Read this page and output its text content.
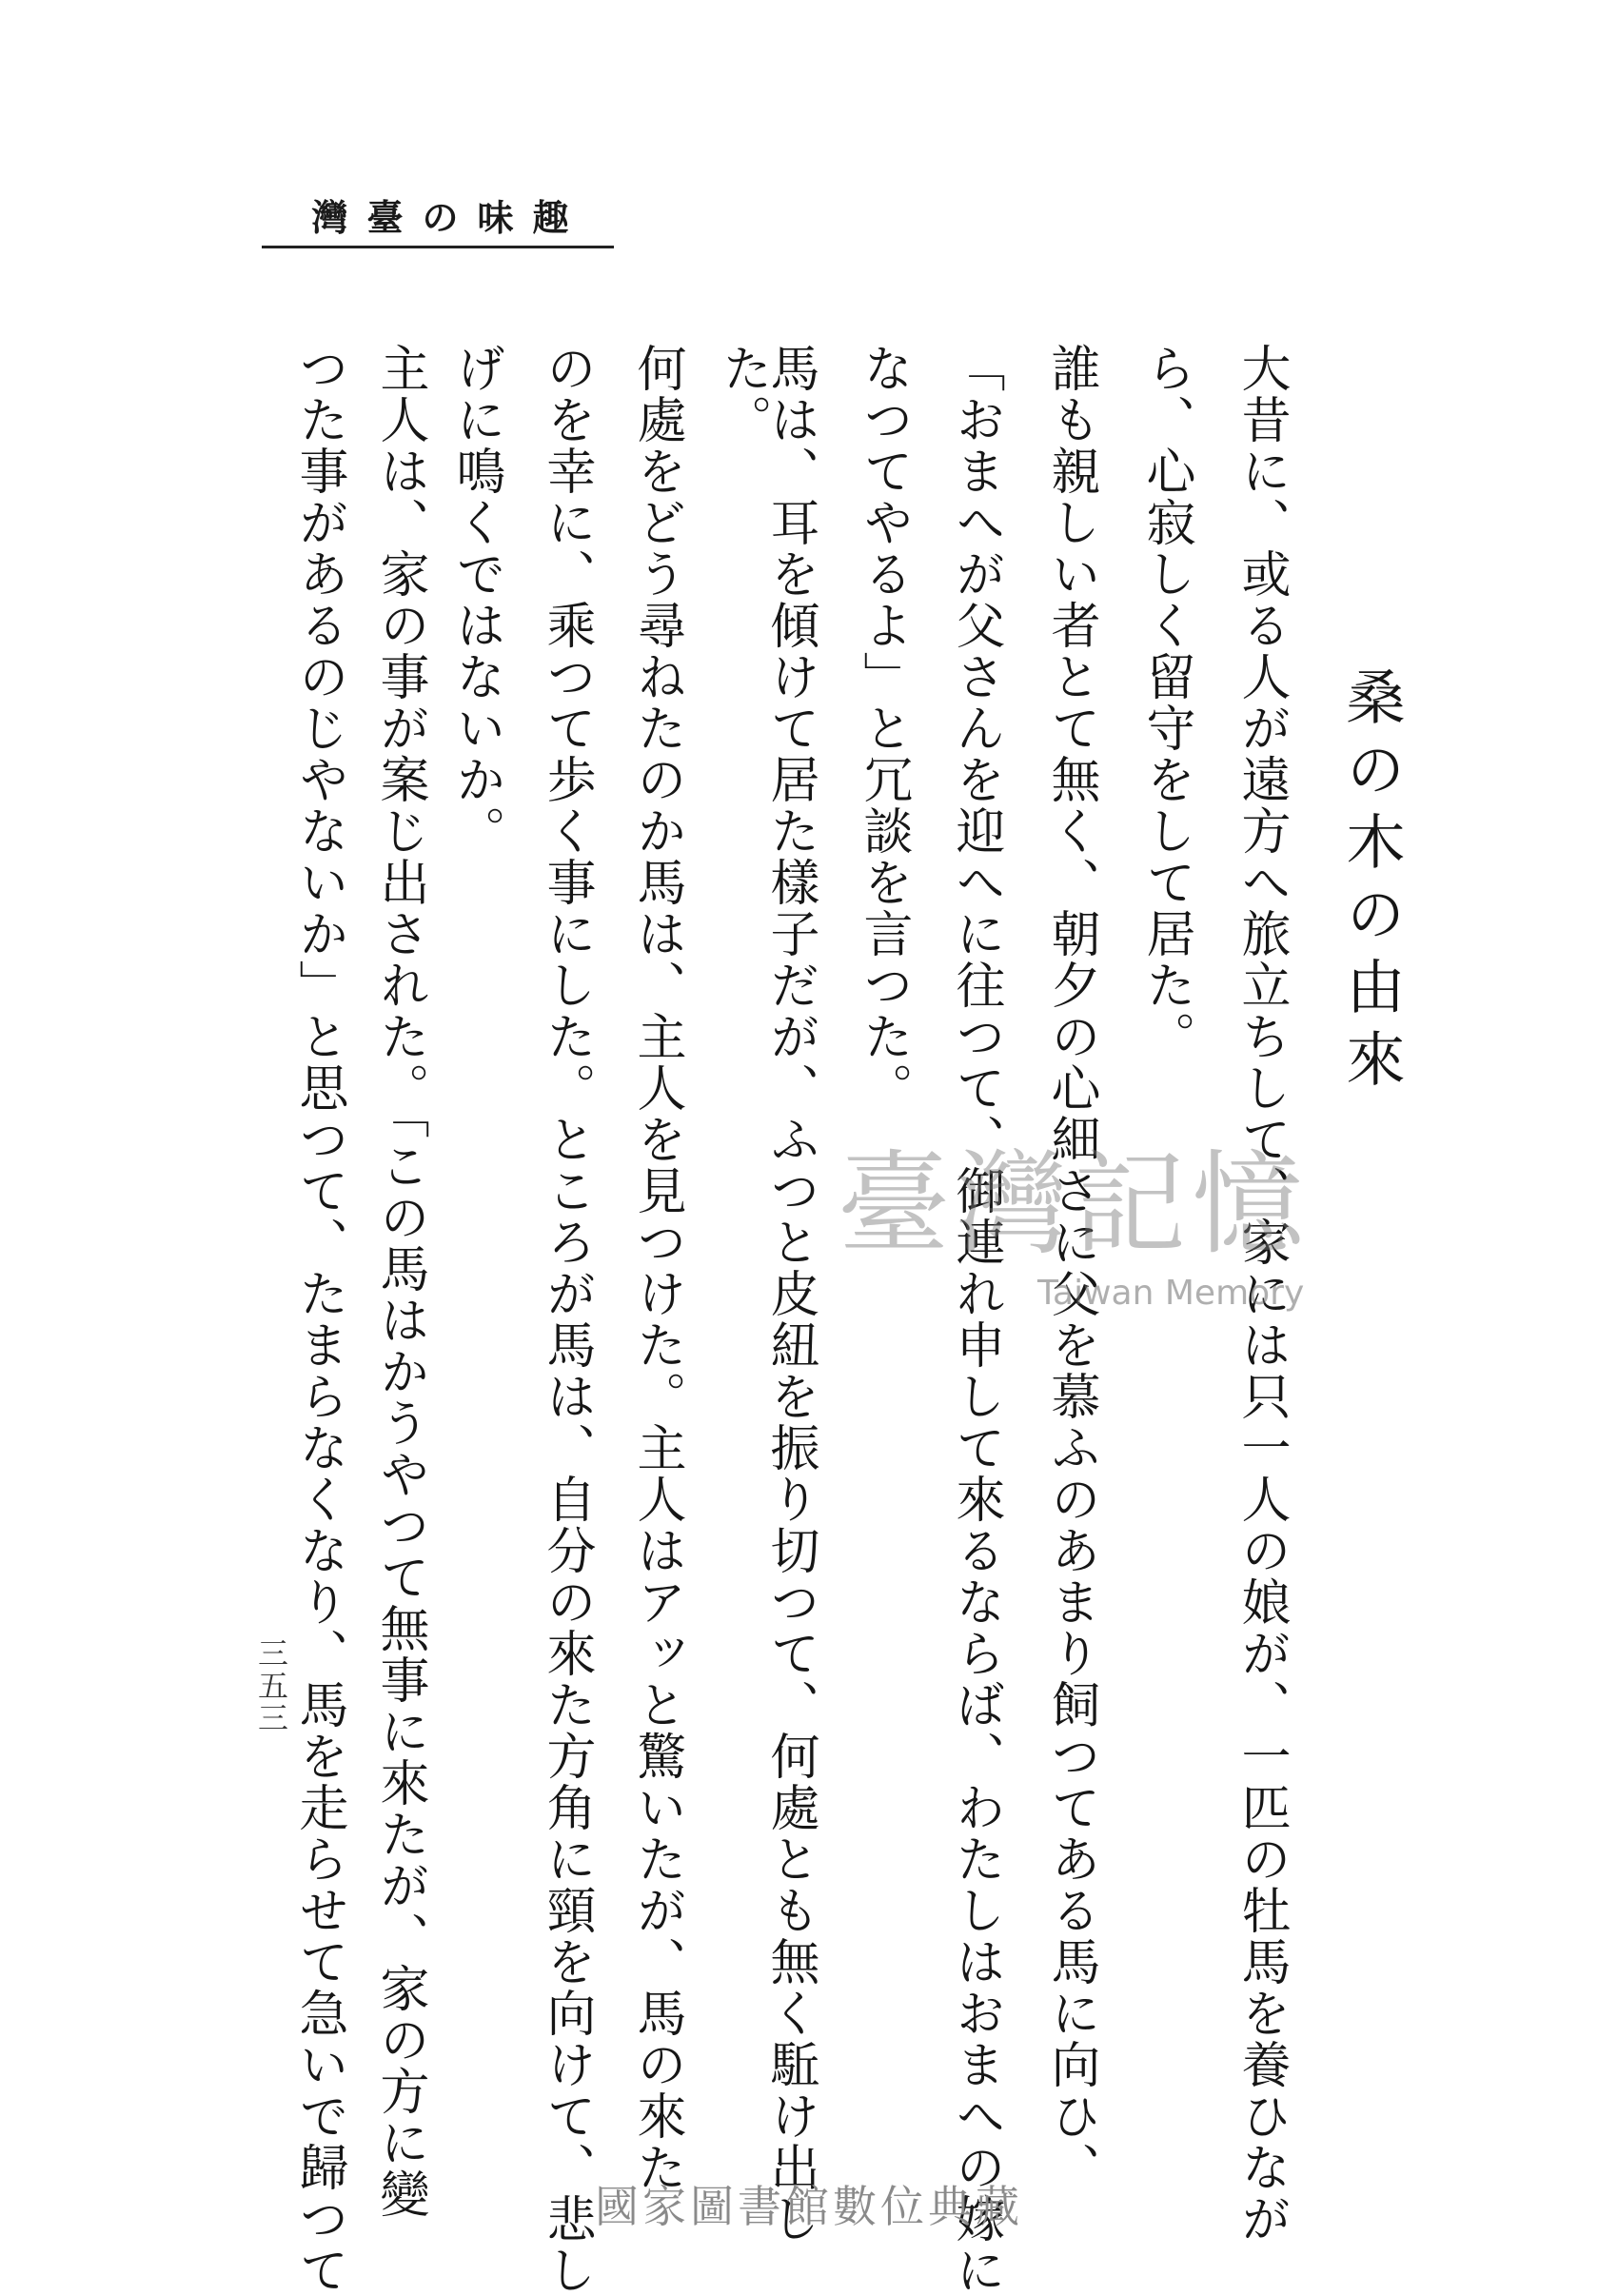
趣味の臺灣
桑の木の由來
大昔に、或る人が遠方へ旅立ちして、家には只一人の娘が、一匹の牡馬を養ひなが
ら、心寂しく留守をして居た。
誰も親しい者とて無く、朝夕の心細さに父を慕ふのあまり飼つてある馬に向ひ、
「おまへが父さんを迎へに往つて、御連れ申して來るならば、わたしはおまへの嫁に
なつてやるよ」と冗談を言つた。
馬は、耳を傾けて居た樣子だが、ふつと皮紐を振り切つて、何處とも無く駈け出し
た。
何處をどう尋ねたのか馬は、主人を見つけた。主人はアッと驚いたが、馬の來た
のを幸に、乘つて歩く事にした。ところが馬は、自分の來た方角に頸を向けて、悲し
げに鳴くではないか。
主人は、家の事が案じ出された。「この馬はかうやつて無事に來たが、家の方に變
つた事があるのじやないか」と思つて、たまらなくなり、馬を走らせて急いで歸つて
三五三
臺灣記憶
Taiwan Memory
國家圖書館數位典藏
